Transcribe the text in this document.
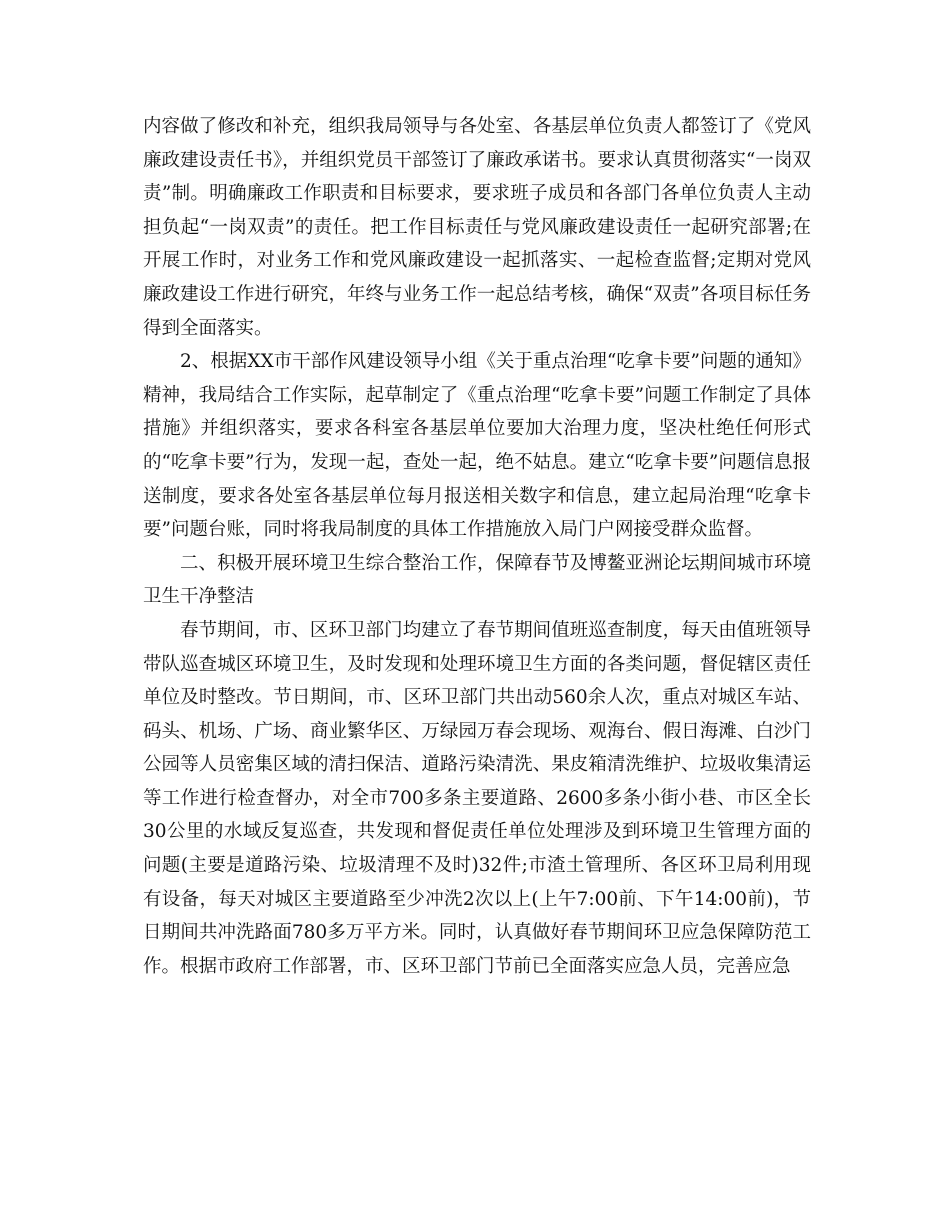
内容做了修改和补充，组织我局领导与各处室、各基层单位负责人都签订了《党风廉政建设责任书》，并组织党员干部签订了廉政承诺书。要求认真贯彻落实“一岗双责”制。明确廉政工作职责和目标要求，要求班子成员和各部门各单位负责人主动担负起“一岗双责”的责任。把工作目标责任与党风廉政建设责任一起研究部署;在开展工作时，对业务工作和党风廉政建设一起抓落实、一起检查监督;定期对党风廉政建设工作进行研究，年终与业务工作一起总结考核，确保“双责”各项目标任务得到全面落实。

2、根据XX市干部作风建设领导小组《关于重点治理“吃拿卡要”问题的通知》精神，我局结合工作实际，起草制定了《重点治理“吃拿卡要”问题工作制定了具体措施》并组织落实，要求各科室各基层单位要加大治理力度，坚决杜绝任何形式的“吃拿卡要”行为，发现一起，查处一起，绝不姑息。建立“吃拿卡要”问题信息报送制度，要求各处室各基层单位每月报送相关数字和信息，建立起局治理“吃拿卡要”问题台账，同时将我局制度的具体工作措施放入局门户网接受群众监督。

二、积极开展环境卫生综合整治工作，保障春节及博鳌亚洲论坛期间城市环境卫生干净整洁

春节期间，市、区环卫部门均建立了春节期间值班巡查制度，每天由值班领导带队巡查城区环境卫生，及时发现和处理环境卫生方面的各类问题，督促辖区责任单位及时整改。节日期间，市、区环卫部门共出动560余人次，重点对城区车站、码头、机场、广场、商业繁华区、万绿园万春会现场、观海台、假日海滩、白沙门公园等人员密集区域的清扫保洁、道路污染清洗、果皮箱清洗维护、垃圾收集清运等工作进行检查督办，对全市700多条主要道路、2600多条小街小巷、市区全长30公里的水域反复巡查，共发现和督促责任单位处理涉及到环境卫生管理方面的问题(主要是道路污染、垃圾清理不及时)32件;市渣土管理所、各区环卫局利用现有设备，每天对城区主要道路至少冲洗2次以上(上午7:00前、下午14:00前)，节日期间共冲洗路面780多万平方米。同时，认真做好春节期间环卫应急保障防范工作。根据市政府工作部署，市、区环卫部门节前已全面落实应急人员，完善应急
